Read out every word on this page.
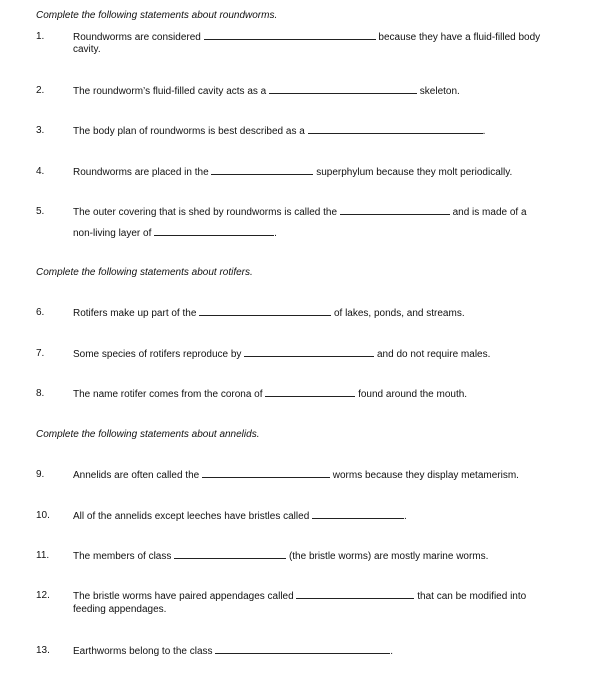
Complete the following statements about roundworms.
1.	Roundworms are considered	because they have a fluid-filled body
cavity.
2.	The roundworm’s fluid-filled cavity acts as a	skeleton.
3.	The body plan of roundworms is best described as a	.
4.	Roundworms are placed in the	superphylum because they molt periodically.
5.	The outer covering that is shed by roundworms is called the	and is made of a
non-living layer of	.
Complete the following statements about rotifers.
6.	Rotifers make up part of the	of lakes, ponds, and streams.
7.	Some species of rotifers reproduce by	and do not require males.
8.	The name rotifer comes from the corona of	found around the mouth.
Complete the following statements about annelids.
9.	Annelids are often called the	worms because they display metamerism.
10. All of the annelids except leeches have bristles called	.
11. The members of class	(the bristle worms) are mostly marine worms.
12. The bristle worms have paired appendages called	that can be modified into
feeding appendages.
13. Earthworms belong to the class	.
